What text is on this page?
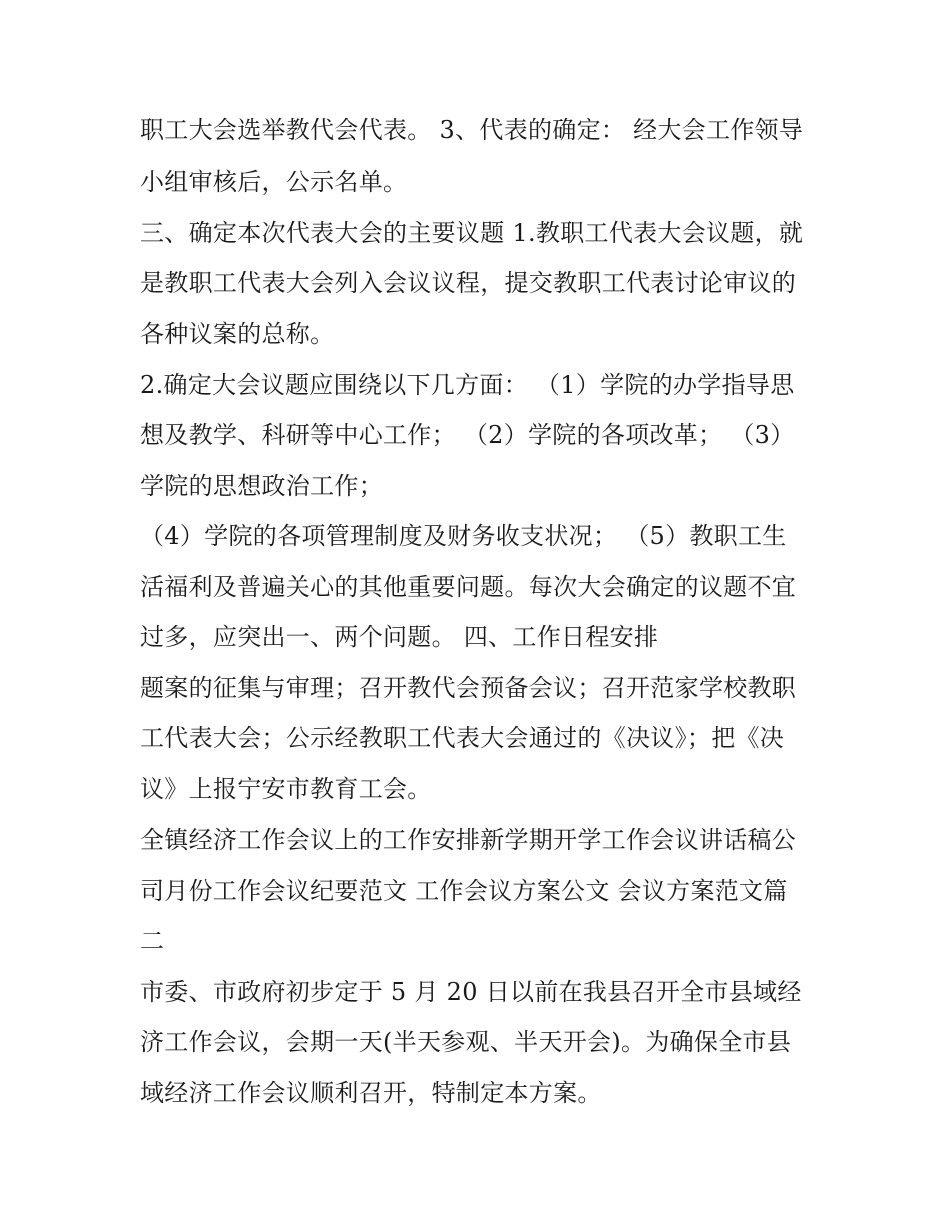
职工大会选举教代会代表。 3、代表的确定： 经大会工作领导
小组审核后，公示名单。
三、确定本次代表大会的主要议题 1.教职工代表大会议题，就
是教职工代表大会列入会议议程，提交教职工代表讨论审议的
各种议案的总称。
2.确定大会议题应围绕以下几方面： （1）学院的办学指导思
想及教学、科研等中心工作； （2）学院的各项改革； （3）
学院的思想政治工作；
（4）学院的各项管理制度及财务收支状况； （5）教职工生
活福利及普遍关心的其他重要问题。每次大会确定的议题不宜
过多，应突出一、两个问题。 四、工作日程安排
题案的征集与审理；召开教代会预备会议；召开范家学校教职
工代表大会；公示经教职工代表大会通过的《决议》；把《决
议》上报宁安市教育工会。
全镇经济工作会议上的工作安排新学期开学工作会议讲话稿公
司月份工作会议纪要范文 工作会议方案公文 会议方案范文篇
二
市委、市政府初步定于 5 月 20 日以前在我县召开全市县域经
济工作会议，会期一天(半天参观、半天开会)。为确保全市县
域经济工作会议顺利召开，特制定本方案。
